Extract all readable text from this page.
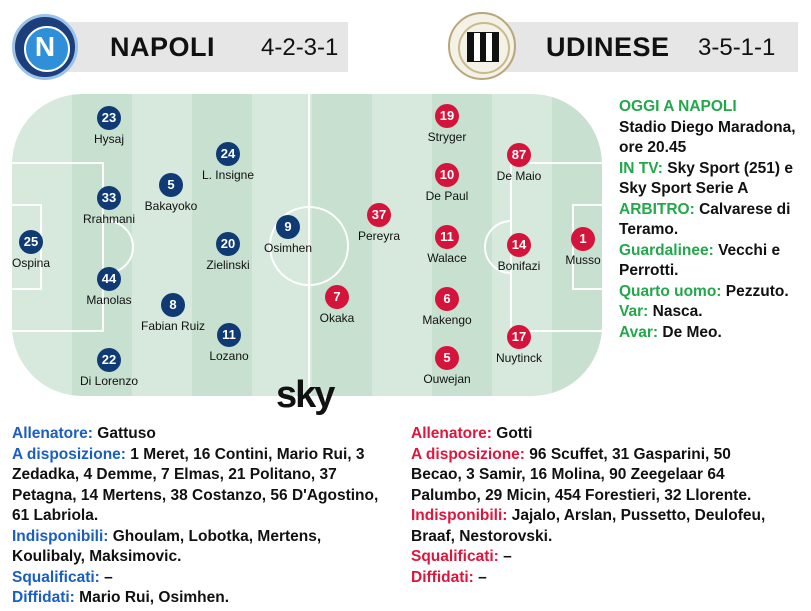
N	NAPOLI 4-2-3-1	UDINESE 3-5-1-1
23
Hysaj
33
Rrahmani
25
Ospina
44
Manolas
22
Di Lorenzo
5
Bakayoko
8
Fabian Ruiz
24
L. Insigne
20
Zielinski
11
Lozano
9
Osimhen
37
Pereyra
7
Okaka
19
Stryger
10
De Paul
11
Walace
6
Makengo
5
Ouwejan
87
De Maio
14
Bonifazi
17
Nuytinck
1
Musso
sky
OGGI A NAPOLI
Stadio Diego Maradona, ore 20.45
IN TV: Sky Sport (251) e Sky Sport Serie A
ARBITRO: Calvarese di Teramo.
Guardalinee: Vecchi e Perrotti.
Quarto uomo: Pezzuto.
Var: Nasca.
Avar: De Meo.
Allenatore: Gattuso
A disposizione: 1 Meret, 16 Contini, Mario Rui, 3 Zedadka, 4 Demme, 7 Elmas, 21 Politano, 37 Petagna, 14 Mertens, 38 Costanzo, 56 D'Agostino, 61 Labriola.
Indisponibili: Ghoulam, Lobotka, Mertens, Koulibaly, Maksimovic.
Squalificati: –
Diffidati: Mario Rui, Osimhen.
Allenatore: Gotti
A disposizione: 96 Scuffet, 31 Gasparini, 50 Becao, 3 Samir, 16 Molina, 90 Zeegelaar 64 Palumbo, 29 Micin, 454 Forestieri, 32 Llorente.
Indisponibili: Jajalo, Arslan, Pussetto, Deulofeu, Braaf, Nestorovski.
Squalificati: –
Diffidati: –
